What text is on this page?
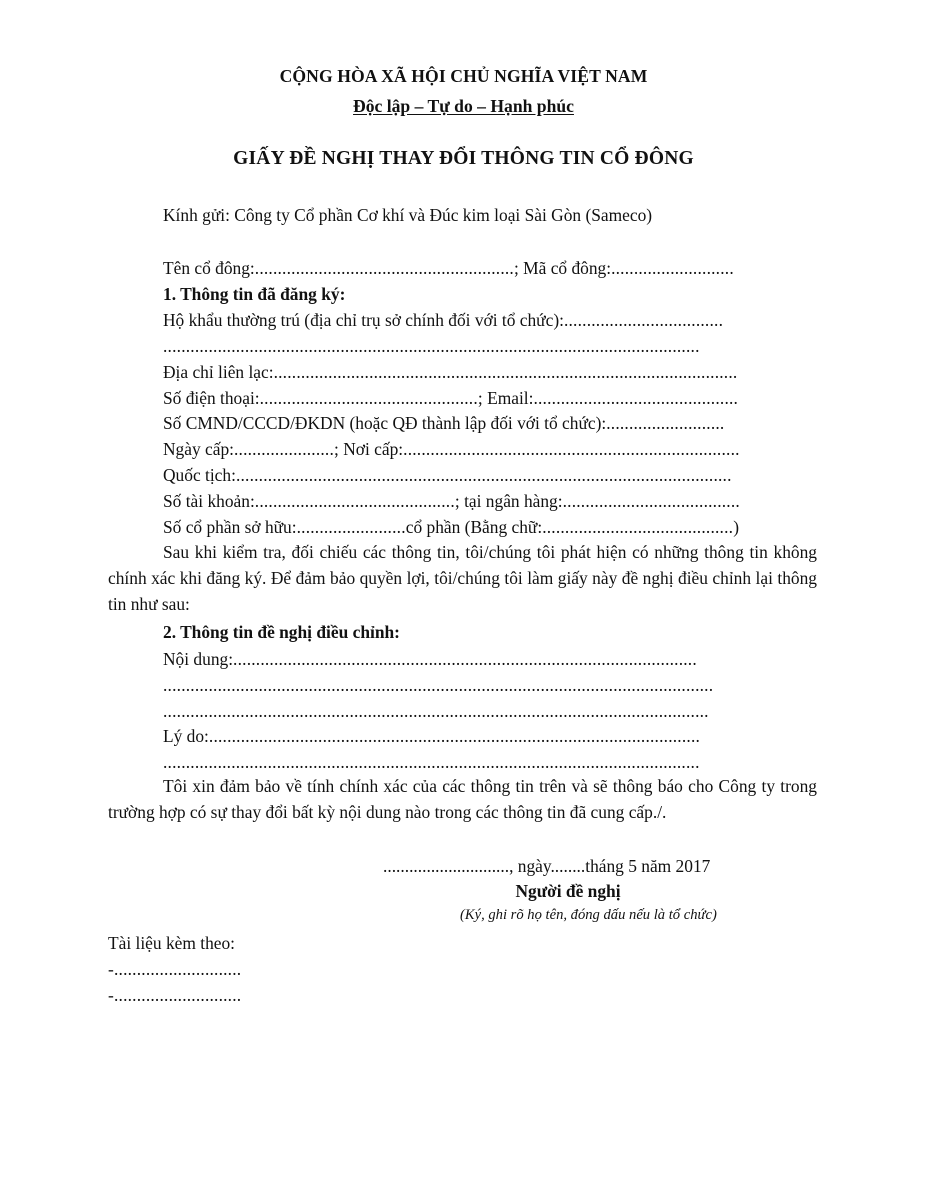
CỘNG HÒA XÃ HỘI CHỦ NGHĨA VIỆT NAM
Độc lập – Tự do – Hạnh phúc
GIẤY ĐỀ NGHỊ THAY ĐỔI THÔNG TIN CỔ ĐÔNG
Kính gửi: Công ty Cổ phần Cơ khí và Đúc kim loại Sài Gòn (Sameco)
Tên cổ đông:.........................................................; Mã cổ đông:...........................
1. Thông tin đã đăng ký:
Hộ khẩu thường trú (địa chỉ trụ sở chính đối với tổ chức):...................................
......................................................................................................................
Địa chỉ liên lạc:......................................................................................................
Số điện thoại:................................................; Email:.............................................
Số CMND/CCCD/ĐKDN (hoặc QĐ thành lập đối với tổ chức):..........................
Ngày cấp:......................; Nơi cấp:..........................................................................
Quốc tịch:.............................................................................................................
Số tài khoản:............................................; tại ngân hàng:.......................................
Số cổ phần sở hữu:........................cổ phần (Bằng chữ:..........................................)
Sau khi kiểm tra, đối chiếu các thông tin, tôi/chúng tôi phát hiện có những thông tin không chính xác khi đăng ký. Để đảm bảo quyền lợi, tôi/chúng tôi làm giấy này đề nghị điều chỉnh lại thông tin như sau:
2. Thông tin đề nghị điều chỉnh:
Nội dung:......................................................................................................
.........................................................................................................................
........................................................................................................................
Lý do:............................................................................................................
......................................................................................................................
Tôi xin đảm bảo về tính chính xác của các thông tin trên và sẽ thông báo cho Công ty trong trường hợp có sự thay đổi bất kỳ nội dung nào trong các thông tin đã cung cấp./.
............................., ngày........tháng 5 năm 2017
Người đề nghị
(Ký, ghi rõ họ tên, đóng dấu nếu là tổ chức)
Tài liệu kèm theo:
-............................
-............................
